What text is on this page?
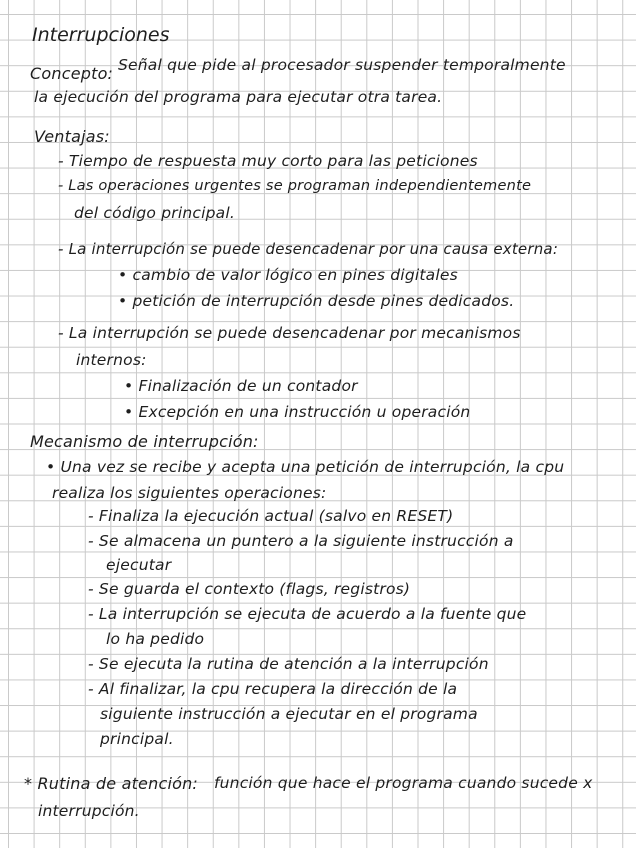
Interrupciones
Concepto: Señal que pide al procesador suspender temporalmente
la ejecución del programa para ejecutar otra tarea.
Ventajas:
- Tiempo de respuesta muy corto para las peticiones
- Las operaciones urgentes se programan independientemente
del código principal.
- La interrupción se puede desencadenar por una causa externa:
• cambio de valor lógico en pines digitales
• petición de interrupción desde pines dedicados.
- La interrupción se puede desencadenar por mecanismos
internos:
• Finalización de un contador
• Excepción en una instrucción u operación
Mecanismo de interrupción:
• Una vez se recibe y acepta una petición de interrupción, la cpu
realiza los siguientes operaciones:
- Finaliza la ejecución actual (salvo en RESET)
- Se almacena un puntero a la siguiente instrucción a
ejecutar
- Se guarda el contexto (flags, registros)
- La interrupción se ejecuta de acuerdo a la fuente que
lo ha pedido
- Se ejecuta la rutina de atención a la interrupción
- Al finalizar, la cpu recupera la dirección de la
siguiente instrucción a ejecutar en el programa
principal.
* Rutina de atención: función que hace el programa cuando sucede x
interrupción.
